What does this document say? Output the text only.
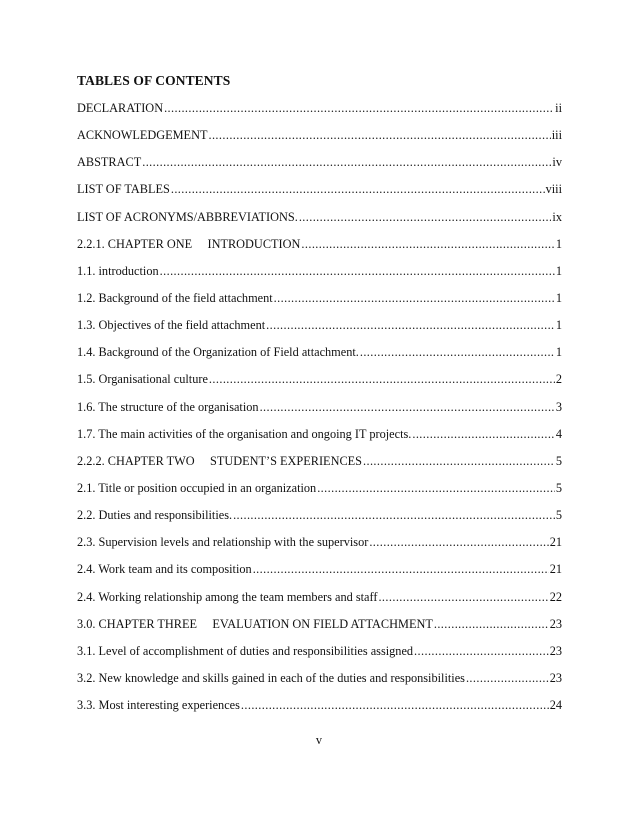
TABLES OF CONTENTS
DECLARATION .....	ii
ACKNOWLEDGEMENT .....	iii
ABSTRACT .....	iv
LIST OF TABLES .....	viii
LIST OF ACRONYMS/ABBREVIATIONS. .....	ix
2.2.1. CHAPTER ONE     INTRODUCTION .....	1
1.1. introduction .....	1
1.2. Background of the field attachment .....	1
1.3. Objectives of the field attachment .....	1
1.4. Background of the Organization of Field attachment. .....	1
1.5. Organisational culture .....	2
1.6. The structure of the organisation .....	3
1.7. The main activities of the organisation and ongoing IT projects. .....	4
2.2.2. CHAPTER TWO     STUDENT’S EXPERIENCES .....	5
2.1. Title or position occupied in an organization .....	5
2.2. Duties and responsibilities. .....	5
2.3. Supervision levels and relationship with the supervisor .....	21
2.4. Work team and its composition .....	21
2.4. Working relationship among the team members and staff .....	22
3.0. CHAPTER THREE     EVALUATION ON FIELD ATTACHMENT .....	23
3.1. Level of accomplishment of duties and responsibilities assigned .....	23
3.2. New knowledge and skills gained in each of the duties and responsibilities .....	23
3.3. Most interesting experiences .....	24
v
